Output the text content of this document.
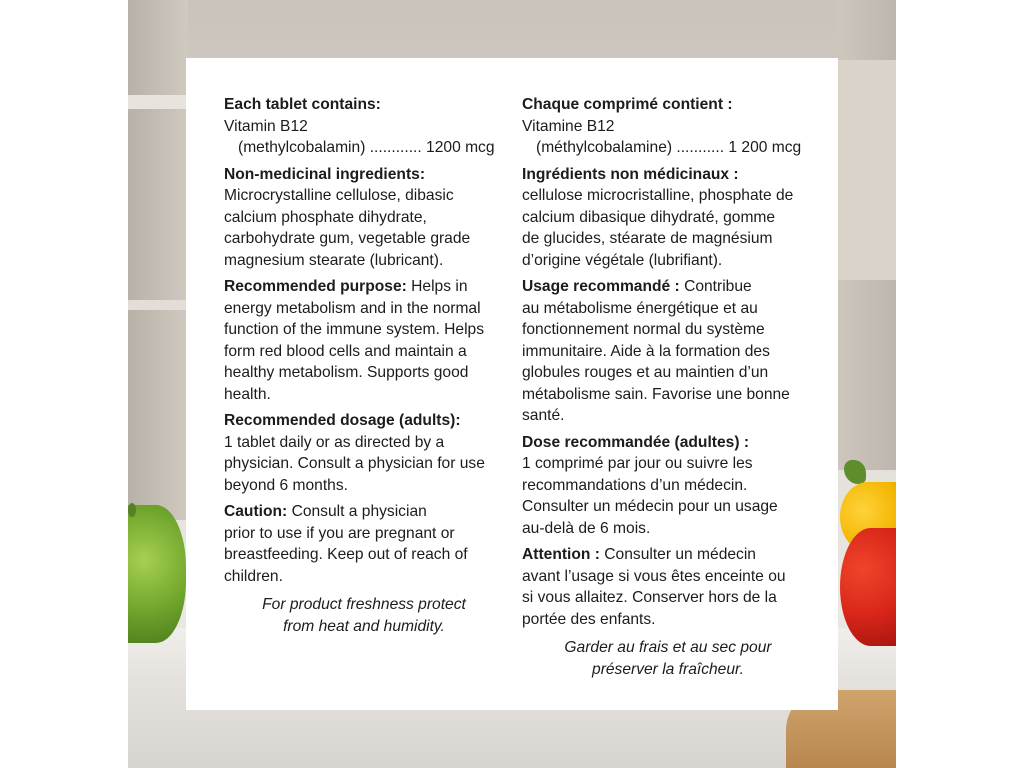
Each tablet contains:
Vitamin B12
(methylcobalamin) ............ 1200 mcg
Non-medicinal ingredients:
Microcrystalline cellulose, dibasic
calcium phosphate dihydrate,
carbohydrate gum, vegetable grade
magnesium stearate (lubricant).
Recommended purpose: Helps in
energy metabolism and in the normal
function of the immune system. Helps
form red blood cells and maintain a
healthy metabolism. Supports good
health.
Recommended dosage (adults):
1 tablet daily or as directed by a
physician. Consult a physician for use
beyond 6 months.
Caution: Consult a physician
prior to use if you are pregnant or
breastfeeding. Keep out of reach of
children.
For product freshness protect
from heat and humidity.
Chaque comprimé contient :
Vitamine B12
(méthylcobalamine) ........... 1 200 mcg
Ingrédients non médicinaux :
cellulose microcristalline, phosphate de
calcium dibasique dihydraté, gomme
de glucides, stéarate de magnésium
d’origine végétale (lubrifiant).
Usage recommandé : Contribue
au métabolisme énergétique et au
fonctionnement normal du système
immunitaire. Aide à la formation des
globules rouges et au maintien d’un
métabolisme sain. Favorise une bonne
santé.
Dose recommandée (adultes) :
1 comprimé par jour ou suivre les
recommandations d’un médecin.
Consulter un médecin pour un usage
au-delà de 6 mois.
Attention : Consulter un médecin
avant l’usage si vous êtes enceinte ou
si vous allaitez. Conserver hors de la
portée des enfants.
Garder au frais et au sec pour
préserver la fraîcheur.
